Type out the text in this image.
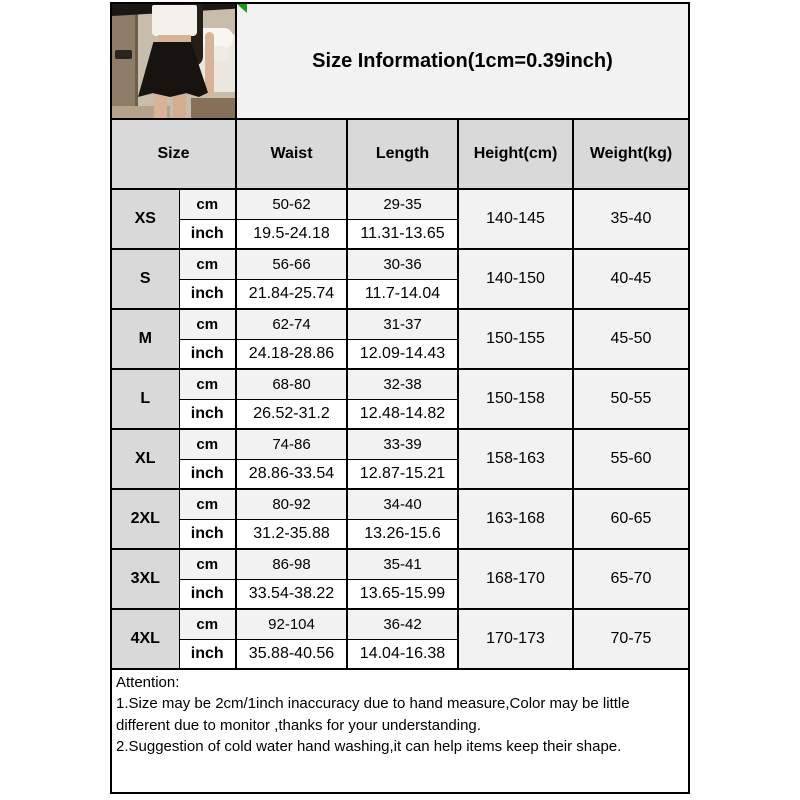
Size Information(1cm=0.39inch)			
Size		Waist	Length	Height(cm)	Weight(kg)
XS	cm	50-62	29-35	140-145	35-40
	inch	19.5-24.18	11.31-13.65		
S	cm	56-66	30-36	140-150	40-45
	inch	21.84-25.74	11.7-14.04		
M	cm	62-74	31-37	150-155	45-50
	inch	24.18-28.86	12.09-14.43		
L	cm	68-80	32-38	150-158	50-55
	inch	26.52-31.2	12.48-14.82		
XL	cm	74-86	33-39	158-163	55-60
	inch	28.86-33.54	12.87-15.21		
2XL	cm	80-92	34-40	163-168	60-65
	inch	31.2-35.88	13.26-15.6		
3XL	cm	86-98	35-41	168-170	65-70
	inch	33.54-38.22	13.65-15.99		
4XL	cm	92-104	36-42	170-173	70-75
	inch	35.88-40.56	14.04-16.38		

Attention:
1.Size may be 2cm/1inch inaccuracy due to hand measure,Color may be little different due to monitor ,thanks for your understanding.
2.Suggestion of cold water hand washing,it can help items keep their shape.					
